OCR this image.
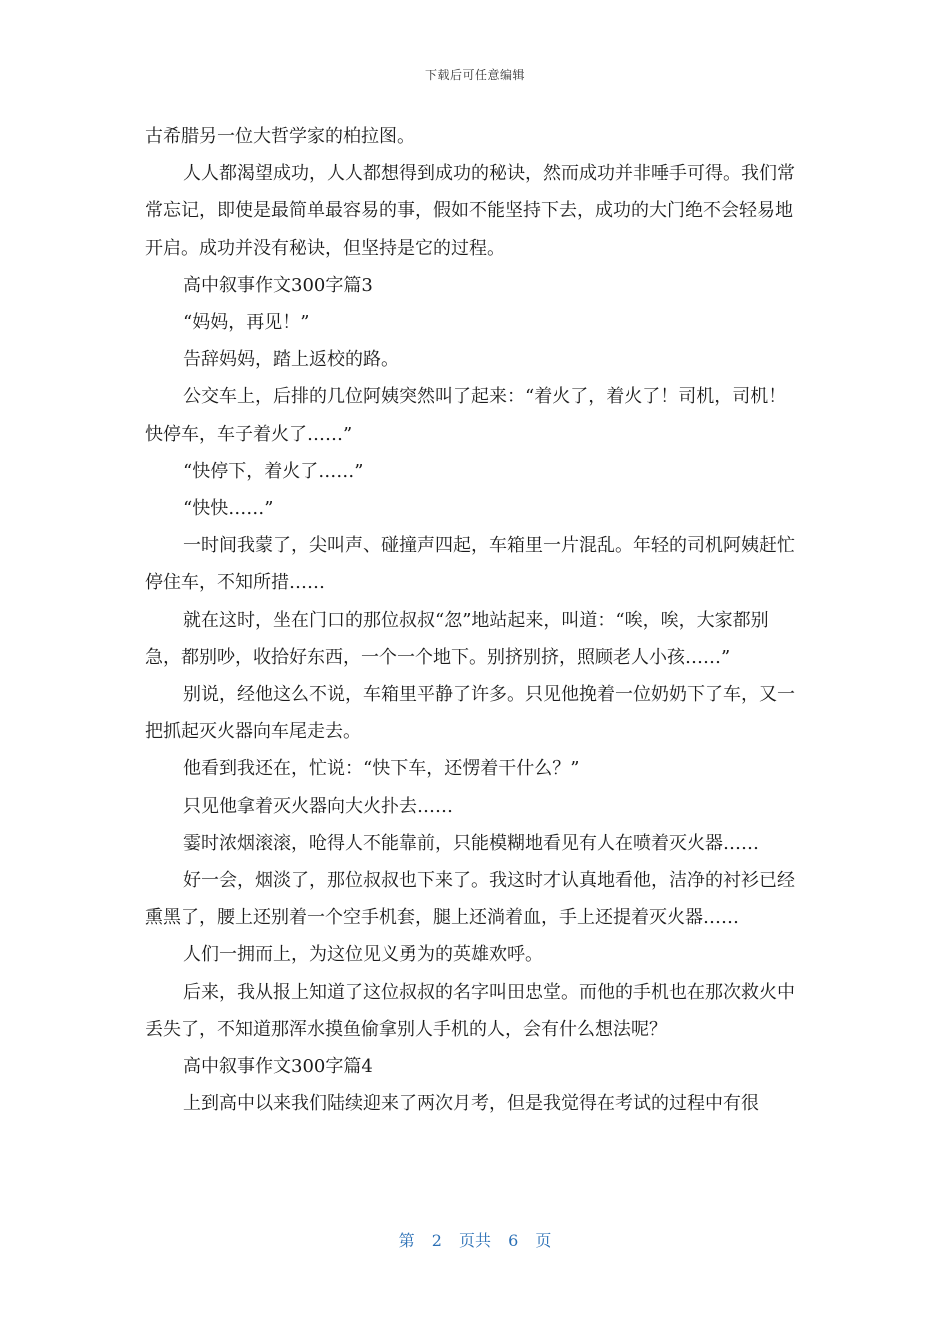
下载后可任意编辑

古希腊另一位大哲学家的柏拉图。

人人都渴望成功，人人都想得到成功的秘诀，然而成功并非唾手可得。我们常常忘记，即使是最简单最容易的事，假如不能坚持下去，成功的大门绝不会轻易地开启。成功并没有秘诀，但坚持是它的过程。

高中叙事作文300字篇3

“妈妈，再见！”

告辞妈妈，踏上返校的路。

公交车上，后排的几位阿姨突然叫了起来：“着火了，着火了！司机，司机！快停车，车子着火了……”

“快停下，着火了……”

“快快……”

一时间我蒙了，尖叫声、碰撞声四起，车箱里一片混乱。年轻的司机阿姨赶忙停住车，不知所措……

就在这时，坐在门口的那位叔叔“忽”地站起来，叫道：“唉，唉，大家都别急，都别吵，收拾好东西，一个一个地下。别挤别挤，照顾老人小孩……”

别说，经他这么不说，车箱里平静了许多。只见他挽着一位奶奶下了车，又一把抓起灭火器向车尾走去。

他看到我还在，忙说：“快下车，还愣着干什么？”

只见他拿着灭火器向大火扑去……

霎时浓烟滚滚，呛得人不能靠前，只能模糊地看见有人在喷着灭火器……

好一会，烟淡了，那位叔叔也下来了。我这时才认真地看他，洁净的衬衫已经熏黑了，腰上还别着一个空手机套，腿上还淌着血，手上还提着灭火器……

人们一拥而上，为这位见义勇为的英雄欢呼。

后来，我从报上知道了这位叔叔的名字叫田忠堂。而他的手机也在那次救火中丢失了，不知道那浑水摸鱼偷拿别人手机的人，会有什么想法呢？

高中叙事作文300字篇4

上到高中以来我们陆续迎来了两次月考，但是我觉得在考试的过程中有很

第 2 页共 6 页
